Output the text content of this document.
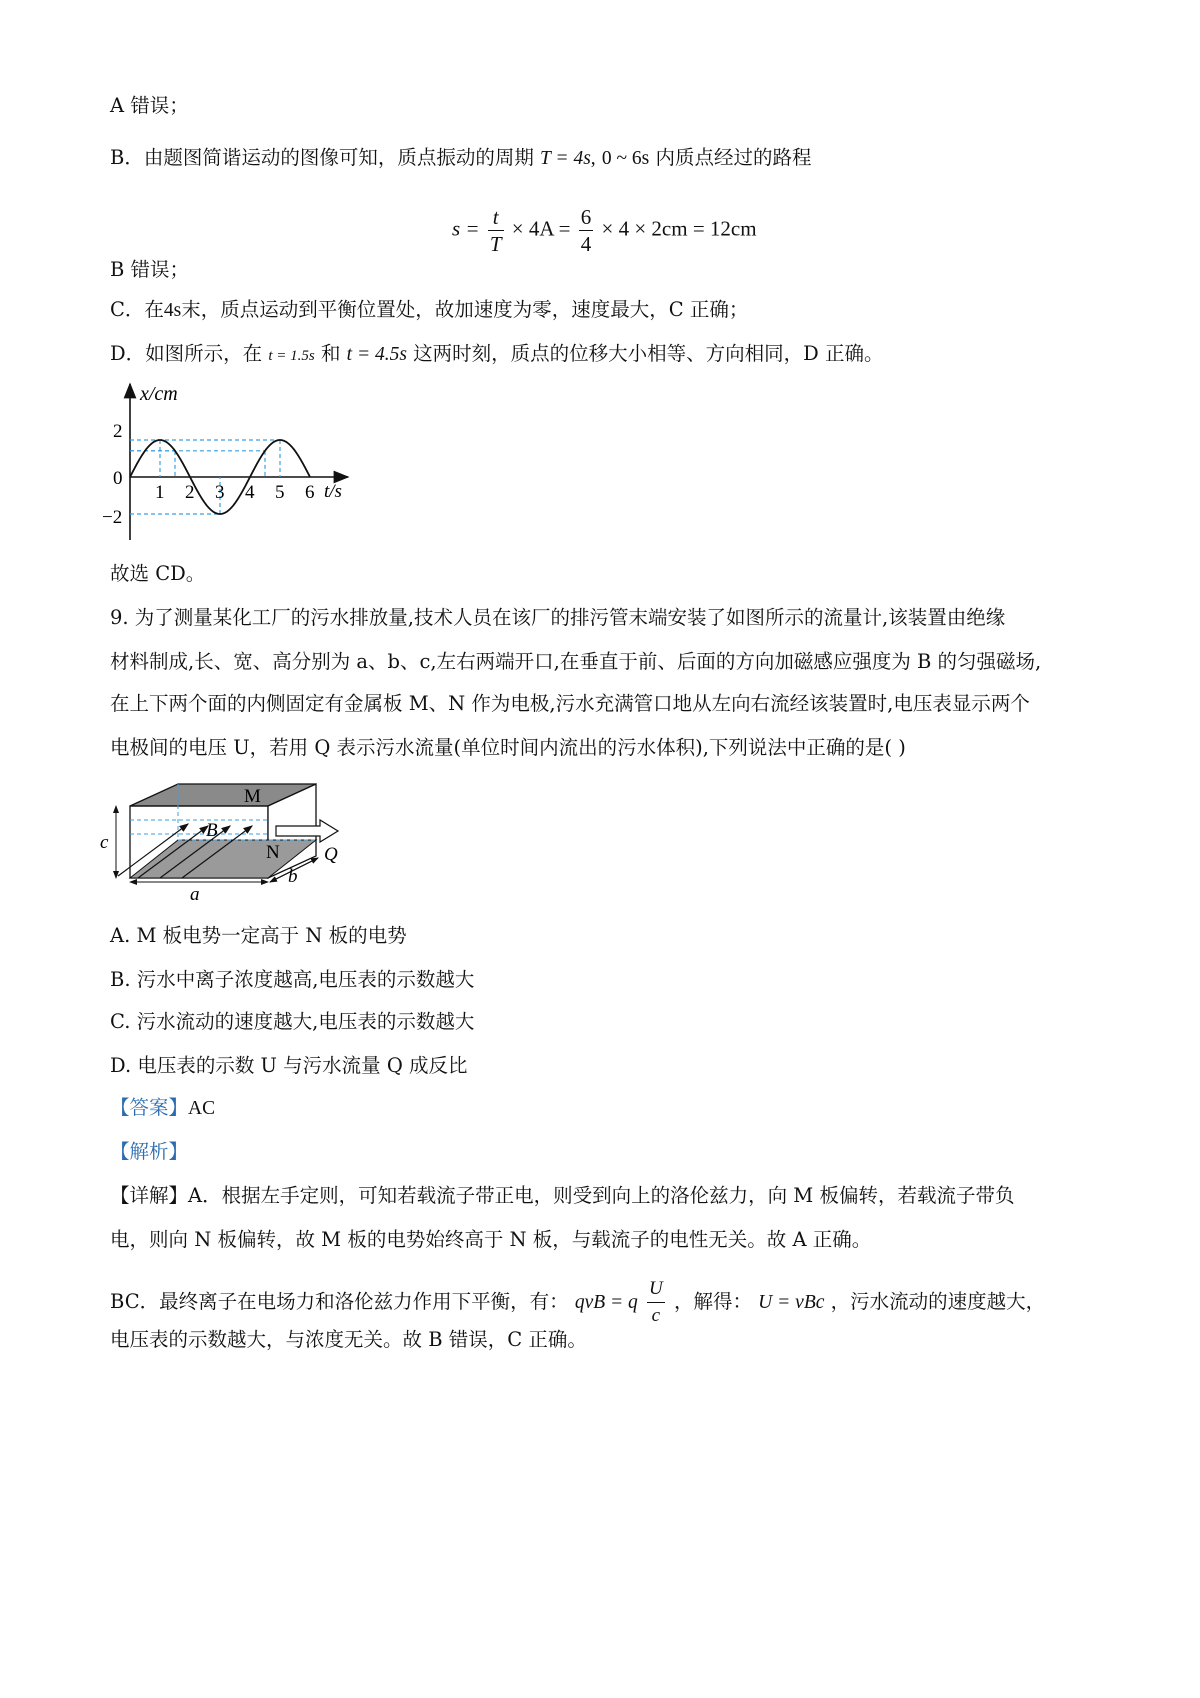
A 错误；
B．由题图简谐运动的图像可知，质点振动的周期 T = 4s, 0 ~ 6s 内质点经过的路程
$s = \frac{t}{T} \times 4A = \frac{6}{4} \times 4 \times 2cm = 12cm$
B 错误；
C．在4s末，质点运动到平衡位置处，故加速度为零，速度最大，C 正确；
D．如图所示，在 t = 1.5s 和 t = 4.5s 这两时刻，质点的位移大小相等、方向相同，D 正确。
1 2 3 4 5 6
x/cm
t/s
2
0
−2
故选 CD。
9. 为了测量某化工厂的污水排放量,技术人员在该厂的排污管末端安装了如图所示的流量计,该装置由绝缘
材料制成,长、宽、高分别为 a、b、c,左右两端开口,在垂直于前、后面的方向加磁感应强度为 B 的匀强磁场,
在上下两个面的内侧固定有金属板 M、N 作为电极,污水充满管口地从左向右流经该装置时,电压表显示两个
电极间的电压 U，若用 Q 表示污水流量(单位时间内流出的污水体积),下列说法中正确的是( )
M
N
B
Q
a
b
c
A. M 板电势一定高于 N 板的电势
B. 污水中离子浓度越高,电压表的示数越大
C. 污水流动的速度越大,电压表的示数越大
D. 电压表的示数 U 与污水流量 Q 成反比
【答案】AC
【解析】
【详解】A．根据左手定则，可知若载流子带正电，则受到向上的洛伦兹力，向 M 板偏转，若载流子带负
电，则向 N 板偏转，故 M 板的电势始终高于 N 板，与载流子的电性无关。故 A 正确。
BC．最终离子在电场力和洛伦兹力作用下平衡，有： qvB = q $\frac{U}{c}$ ，解得： U = vBc ，污水流动的速度越大，
电压表的示数越大，与浓度无关。故 B 错误，C 正确。
